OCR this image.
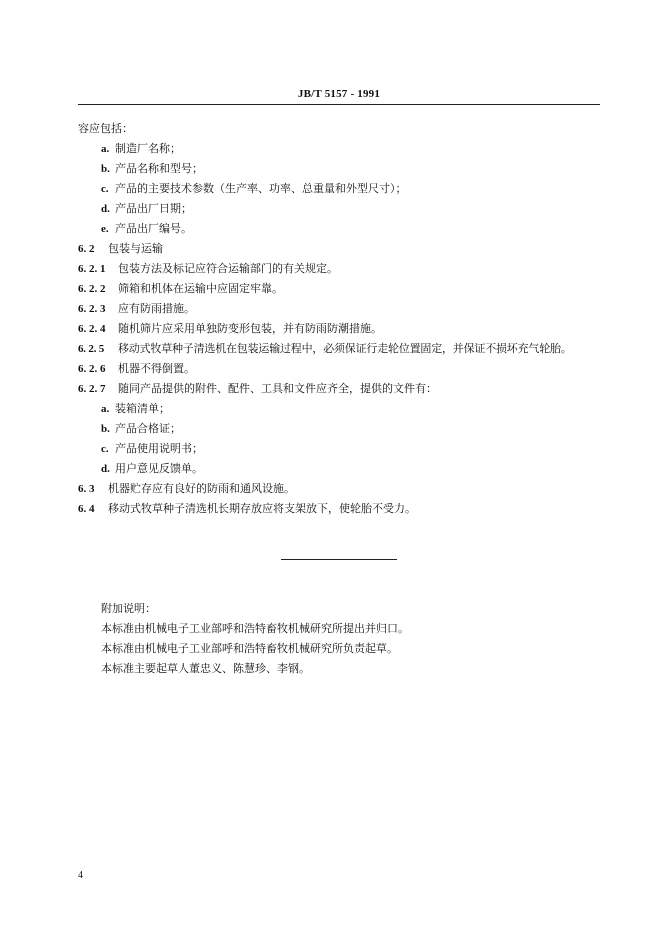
JB/T 5157 - 1991
容应包括：
a. 制造厂名称；
b. 产品名称和型号；
c. 产品的主要技术参数（生产率、功率、总重量和外型尺寸）；
d. 产品出厂日期；
e. 产品出厂编号。
6. 2 包装与运输
6. 2. 1 包装方法及标记应符合运输部门的有关规定。
6. 2. 2 筛箱和机体在运输中应固定牢靠。
6. 2. 3 应有防雨措施。
6. 2. 4 随机筛片应采用单独防变形包装，并有防雨防潮措施。
6. 2. 5 移动式牧草种子清选机在包装运输过程中，必须保证行走轮位置固定，并保证不损坏充气轮胎。
6. 2. 6 机器不得倒置。
6. 2. 7 随同产品提供的附件、配件、工具和文件应齐全，提供的文件有：
a. 装箱清单；
b. 产品合格证；
c. 产品使用说明书；
d. 用户意见反馈单。
6. 3 机器贮存应有良好的防雨和通风设施。
6. 4 移动式牧草种子清选机长期存放应将支架放下，使轮胎不受力。
附加说明：
本标准由机械电子工业部呼和浩特畜牧机械研究所提出并归口。
本标准由机械电子工业部呼和浩特畜牧机械研究所负责起草。
本标准主要起草人董忠义、陈慧珍、李钢。
4
